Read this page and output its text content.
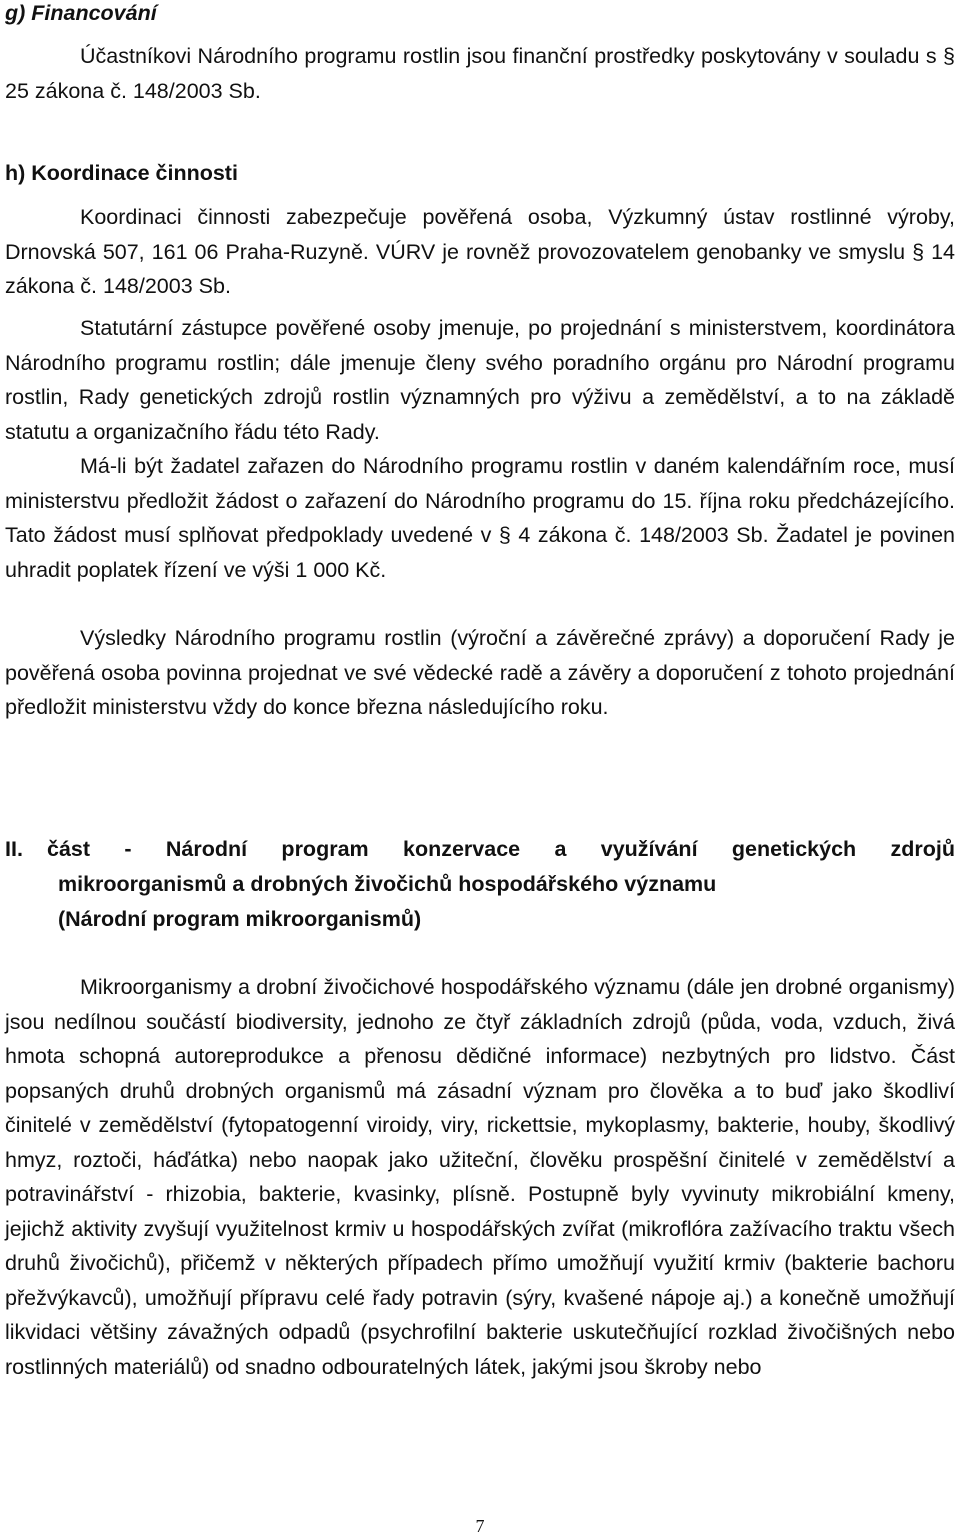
g) Financování

Účastníkovi Národního programu rostlin jsou finanční prostředky poskytovány v souladu s § 25 zákona č. 148/2003 Sb.

h) Koordinace činnosti

Koordinaci činnosti zabezpečuje pověřená osoba, Výzkumný ústav rostlinné výroby, Drnovská 507, 161 06 Praha-Ruzyně. VÚRV je rovněž provozovatelem genobanky ve smyslu § 14 zákona č. 148/2003 Sb.

Statutární zástupce pověřené osoby jmenuje, po projednání s ministerstvem, koordinátora Národního programu rostlin; dále jmenuje členy svého poradního orgánu pro Národní programu rostlin, Rady genetických zdrojů rostlin významných pro výživu a zemědělství, a to na základě statutu a organizačního řádu této Rady.

Má-li být žadatel zařazen do Národního programu rostlin v daném kalendářním roce, musí ministerstvu předložit žádost o zařazení do Národního programu do 15. října roku předcházejícího. Tato žádost musí splňovat předpoklady uvedené v § 4 zákona č. 148/2003 Sb. Žadatel je povinen uhradit poplatek řízení ve výši 1 000 Kč.

Výsledky Národního programu rostlin (výroční a závěrečné zprávy) a doporučení Rady je pověřená osoba povinna projednat ve své vědecké radě a závěry a doporučení z tohoto projednání předložit ministerstvu vždy do konce března následujícího roku.

II.	část - Národní program konzervace a využívání genetických zdrojů
mikroorganismů a drobných živočichů hospodářského významu
(Národní program mikroorganismů)

Mikroorganismy a drobní živočichové hospodářského významu (dále jen drobné organismy) jsou nedílnou součástí biodiversity, jednoho ze čtyř základních zdrojů (půda, voda, vzduch, živá hmota schopná autoreprodukce a přenosu dědičné informace) nezbytných pro lidstvo. Část popsaných druhů drobných organismů má zásadní význam pro člověka a to buď jako škodliví činitelé v zemědělství (fytopatogenní viroidy, viry, rickettsie, mykoplasmy, bakterie, houby, škodlivý hmyz, roztoči, háďátka) nebo naopak jako užiteční, člověku prospěšní činitelé v zemědělství a potravinářství - rhizobia, bakterie, kvasinky, plísně. Postupně byly vyvinuty mikrobiální kmeny, jejichž aktivity zvyšují využitelnost krmiv u hospodářských zvířat (mikroflóra zažívacího traktu všech druhů živočichů), přičemž v některých případech přímo umožňují využití krmiv (bakterie bachoru přežvýkavců), umožňují přípravu celé řady potravin (sýry, kvašené nápoje aj.) a konečně umožňují likvidaci většiny závažných odpadů (psychrofilní bakterie uskutečňující rozklad živočišných nebo rostlinných materiálů) od snadno odbouratelných látek, jakými jsou škroby nebo

7
